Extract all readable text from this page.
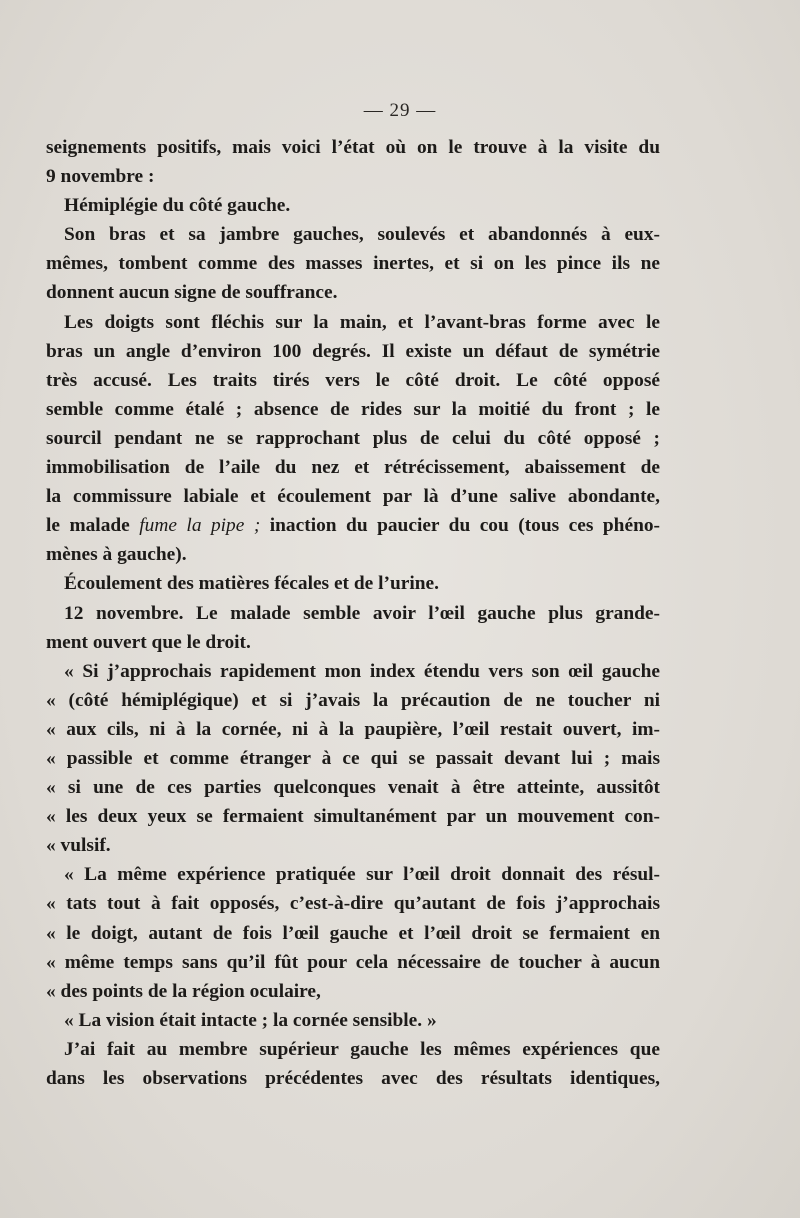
— 29 —
seignements positifs, mais voici l’état où on le trouve à la visite du
9 novembre :
Hémiplégie du côté gauche.
Son bras et sa jambre gauches, soulevés et abandonnés à eux-
mêmes, tombent comme des masses inertes, et si on les pince ils ne
donnent aucun signe de souffrance.
Les doigts sont fléchis sur la main, et l’avant-bras forme avec le
bras un angle d’environ 100 degrés. Il existe un défaut de symétrie
très accusé. Les traits tirés vers le côté droit. Le côté opposé
semble comme étalé ; absence de rides sur la moitié du front ; le
sourcil pendant ne se rapprochant plus de celui du côté opposé ;
immobilisation de l’aile du nez et rétrécissement, abaissement de
la commissure labiale et écoulement par là d’une salive abondante,
le malade fume la pipe ; inaction du paucier du cou (tous ces phéno-
mènes à gauche).
Écoulement des matières fécales et de l’urine.
12 novembre. Le malade semble avoir l’œil gauche plus grande-
ment ouvert que le droit.
« Si j’approchais rapidement mon index étendu vers son œil gauche
« (côté hémiplégique) et si j’avais la précaution de ne toucher ni
« aux cils, ni à la cornée, ni à la paupière, l’œil restait ouvert, im-
« passible et comme étranger à ce qui se passait devant lui ; mais
« si une de ces parties quelconques venait à être atteinte, aussitôt
« les deux yeux se fermaient simultanément par un mouvement con-
« vulsif.
« La même expérience pratiquée sur l’œil droit donnait des résul-
« tats tout à fait opposés, c’est-à-dire qu’autant de fois j’approchais
« le doigt, autant de fois l’œil gauche et l’œil droit se fermaient en
« même temps sans qu’il fût pour cela nécessaire de toucher à aucun
« des points de la région oculaire,
« La vision était intacte ; la cornée sensible. »
J’ai fait au membre supérieur gauche les mêmes expériences que
dans les observations précédentes avec des résultats identiques,
